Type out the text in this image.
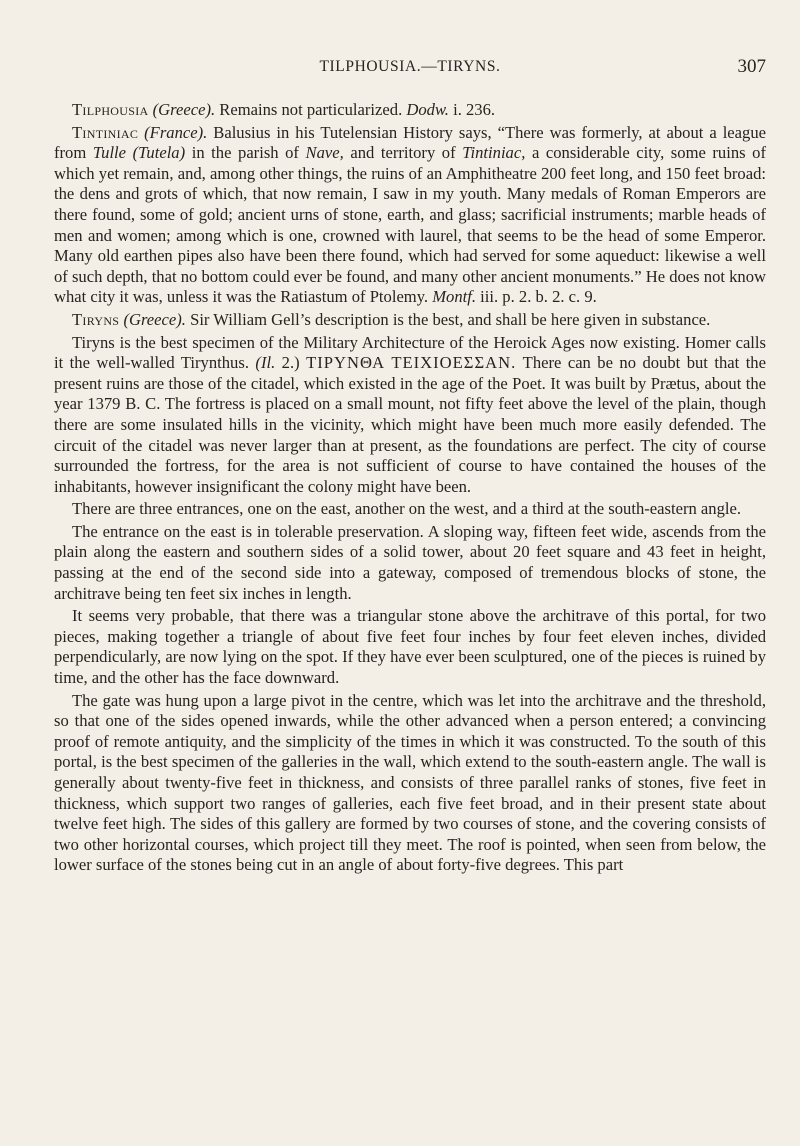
TILPHOUSIA.—TIRYNS.	307

Tilphousia (Greece). Remains not particularized. Dodw. i. 236.

Tintiniac (France). Balusius in his Tutelensian History says, “There was formerly, at about a league from Tulle (Tutela) in the parish of Nave, and territory of Tintiniac, a considerable city, some ruins of which yet remain, and, among other things, the ruins of an Amphitheatre 200 feet long, and 150 feet broad: the dens and grots of which, that now remain, I saw in my youth. Many medals of Roman Emperors are there found, some of gold; ancient urns of stone, earth, and glass; sacrificial instruments; marble heads of men and women; among which is one, crowned with laurel, that seems to be the head of some Emperor. Many old earthen pipes also have been there found, which had served for some aqueduct: likewise a well of such depth, that no bottom could ever be found, and many other ancient monuments.” He does not know what city it was, unless it was the Ratiastum of Ptolemy. Montf. iii. p. 2. b. 2. c. 9.

Tiryns (Greece). Sir William Gell’s description is the best, and shall be here given in substance.

Tiryns is the best specimen of the Military Architecture of the Heroick Ages now existing. Homer calls it the well-walled Tirynthus. (Il. 2.) ΤΙΡΥΝΘΑ ΤΕΙΧΙΟΕΣΣΑΝ. There can be no doubt but that the present ruins are those of the citadel, which existed in the age of the Poet. It was built by Prætus, about the year 1379 B. C. The fortress is placed on a small mount, not fifty feet above the level of the plain, though there are some insulated hills in the vicinity, which might have been much more easily defended. The circuit of the citadel was never larger than at present, as the foundations are perfect. The city of course surrounded the fortress, for the area is not sufficient of course to have contained the houses of the inhabitants, however insignificant the colony might have been.

There are three entrances, one on the east, another on the west, and a third at the south-eastern angle.

The entrance on the east is in tolerable preservation. A sloping way, fifteen feet wide, ascends from the plain along the eastern and southern sides of a solid tower, about 20 feet square and 43 feet in height, passing at the end of the second side into a gateway, composed of tremendous blocks of stone, the architrave being ten feet six inches in length.

It seems very probable, that there was a triangular stone above the architrave of this portal, for two pieces, making together a triangle of about five feet four inches by four feet eleven inches, divided perpendicularly, are now lying on the spot. If they have ever been sculptured, one of the pieces is ruined by time, and the other has the face downward.

The gate was hung upon a large pivot in the centre, which was let into the architrave and the threshold, so that one of the sides opened inwards, while the other advanced when a person entered; a convincing proof of remote antiquity, and the simplicity of the times in which it was constructed. To the south of this portal, is the best specimen of the galleries in the wall, which extend to the south-eastern angle. The wall is generally about twenty-five feet in thickness, and consists of three parallel ranks of stones, five feet in thickness, which support two ranges of galleries, each five feet broad, and in their present state about twelve feet high. The sides of this gallery are formed by two courses of stone, and the covering consists of two other horizontal courses, which project till they meet. The roof is pointed, when seen from below, the lower surface of the stones being cut in an angle of about forty-five degrees. This part
